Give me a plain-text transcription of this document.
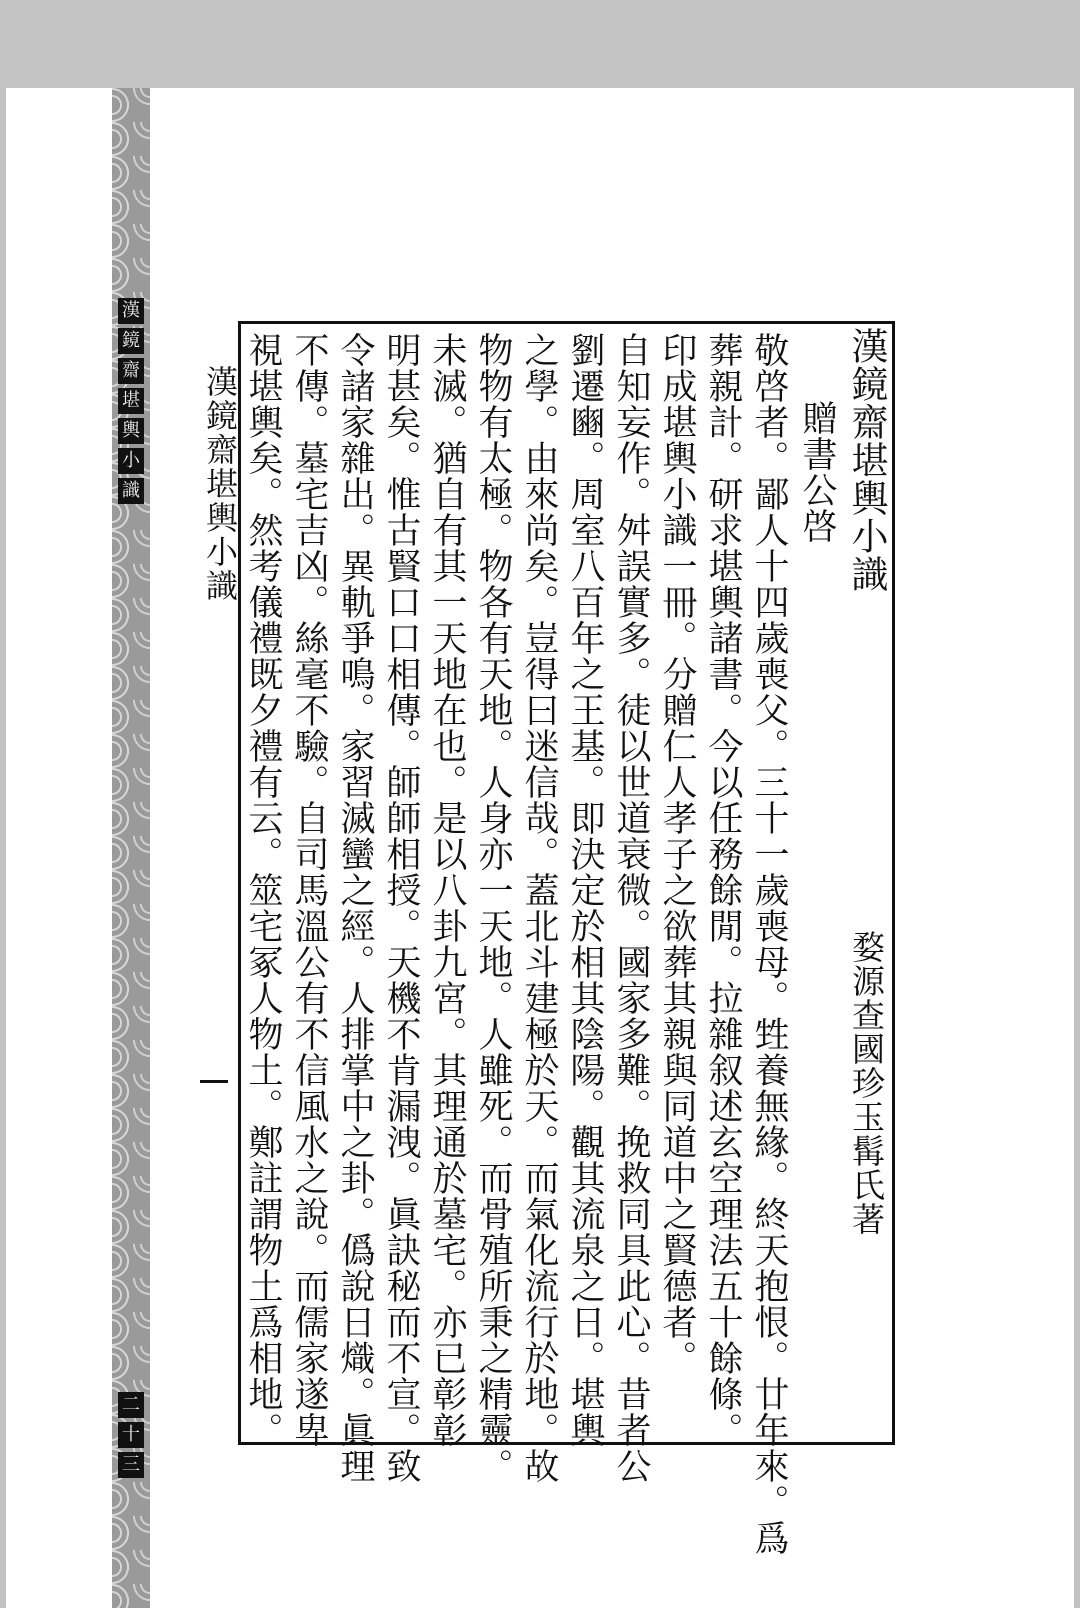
漢
鏡
齋
堪
輿
小
識
二
十
三
漢鏡齋堪輿小識
婺源查國珍玉髯氏著
贈書公啓
敬啓者。鄙人十四歲喪父。三十一歲喪母。甡養無緣。終天抱恨。廿年來。爲
葬親計。研求堪輿諸書。今以任務餘閒。拉雜叙述玄空理法五十餘條。
印成堪輿小識一冊。分贈仁人孝子之欲葬其親與同道中之賢德者。
自知妄作。舛誤實多。徒以世道衰微。國家多難。挽救同具此心。昔者公
劉遷豳。周室八百年之王基。即決定於相其陰陽。觀其流泉之日。堪輿
之學。由來尚矣。豈得曰迷信哉。蓋北斗建極於天。而氣化流行於地。故
物物有太極。物各有天地。人身亦一天地。人雖死。而骨殖所秉之精靈。
未滅。猶自有其一天地在也。是以八卦九宮。其理通於墓宅。亦已彰彰
明甚矣。惟古賢口口相傳。師師相授。天機不肯漏洩。眞訣秘而不宣。致
令諸家雜出。異軌爭鳴。家習滅蠻之經。人排掌中之卦。僞說日熾。眞理
不傳。墓宅吉凶。絲毫不驗。自司馬溫公有不信風水之說。而儒家遂卑
視堪輿矣。然考儀禮既夕禮有云。筮宅冢人物土。鄭註謂物土爲相地。
漢鏡齋堪輿小識
